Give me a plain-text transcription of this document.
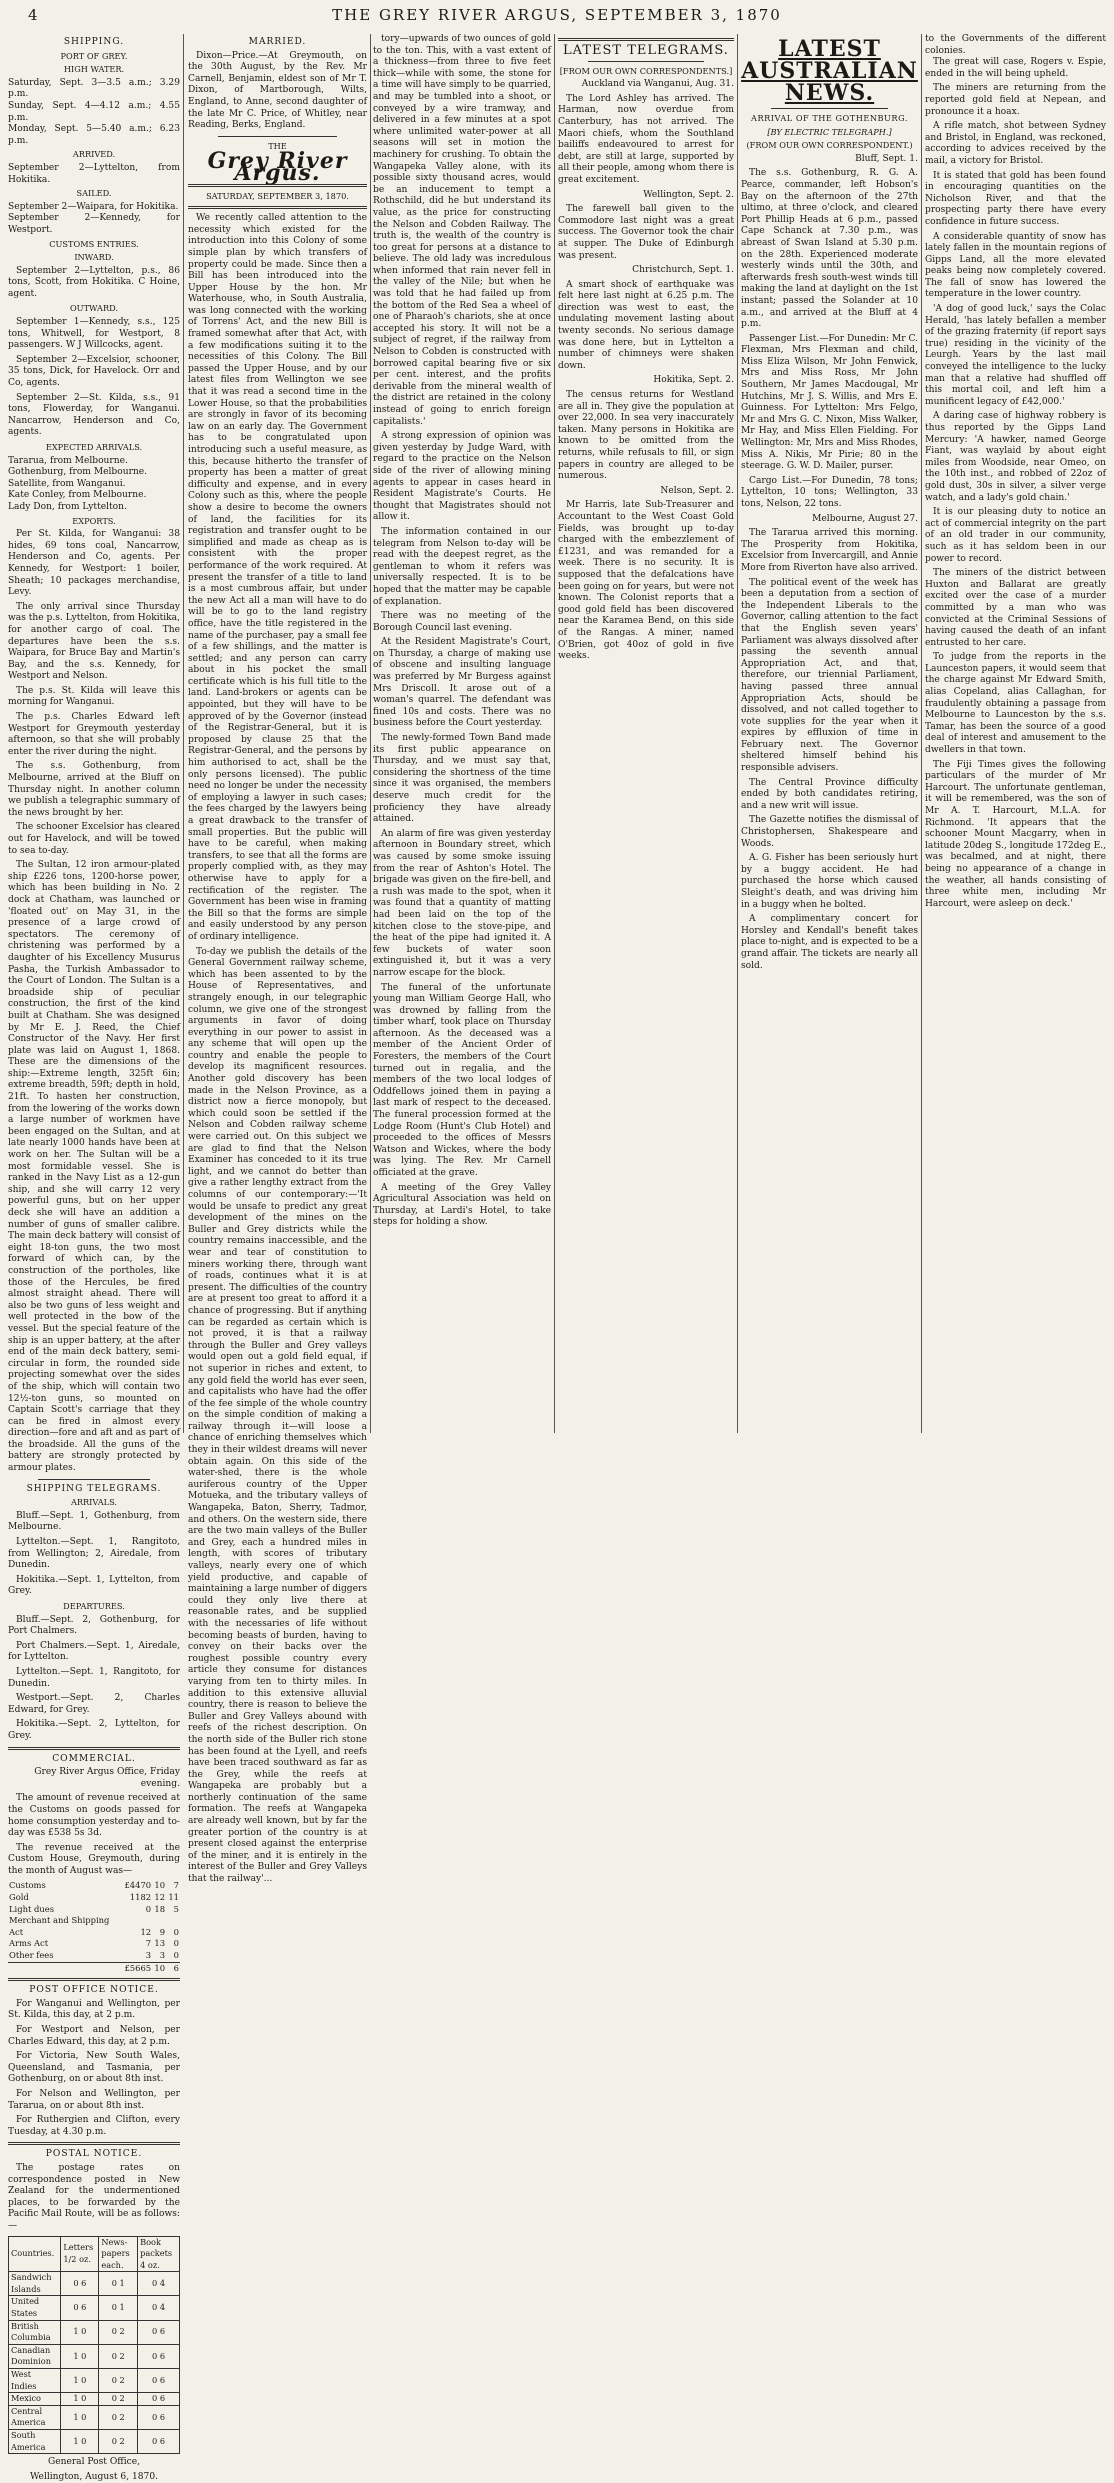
4	THE GREY RIVER ARGUS, SEPTEMBER 3, 1870
SHIPPING.
PORT OF GREY.
HIGH WATER.

Saturday, Sept. 3—3.5 a.m.; 3.29 p.m.

Sunday, Sept. 4—4.12 a.m.; 4.55 p.m.

Monday, Sept. 5—5.40 a.m.; 6.23 p.m.

ARRIVED.

September 2—Lyttelton, from Hokitika.

SAILED.

September 2—Waipara, for Hokitika.

September 2—Kennedy, for Westport.

CUSTOMS ENTRIES.
INWARD.

September 2—Lyttelton, p.s., 86 tons, Scott, from Hokitika. C Hoine, agent.

OUTWARD.

September 1—Kennedy, s.s., 125 tons, Whitwell, for Westport, 8 passengers. W J Willcocks, agent.

September 2—Excelsior, schooner, 35 tons, Dick, for Havelock. Orr and Co, agents.

September 2—St. Kilda, s.s., 91 tons, Flowerday, for Wanganui. Nancarrow, Henderson and Co, agents.

EXPECTED ARRIVALS.

Tararua, from Melbourne.

Gothenburg, from Melbourne.

Satellite, from Wanganui.

Kate Conley, from Melbourne.

Lady Don, from Lyttelton.

EXPORTS.

Per St. Kilda, for Wanganui: 38 hides, 69 tons coal, Nancarrow, Henderson and Co, agents. Per Kennedy, for Westport: 1 boiler, Sheath; 10 packages merchandise, Levy.

The only arrival since Thursday was the p.s. Lyttelton, from Hokitika, for another cargo of coal. The departures have been the s.s. Waipara, for Bruce Bay and Martin's Bay, and the s.s. Kennedy, for Westport and Nelson.

The p.s. St. Kilda will leave this morning for Wanganui.

The p.s. Charles Edward left Westport for Greymouth yesterday afternoon, so that she will probably enter the river during the night.

The s.s. Gothenburg, from Melbourne, arrived at the Bluff on Thursday night. In another column we publish a telegraphic summary of the news brought by her.

The schooner Excelsior has cleared out for Havelock, and will be towed to sea to-day.

The Sultan, 12 iron armour-plated ship £226 tons, 1200-horse power, which has been building in No. 2 dock at Chatham, was launched or 'floated out' on May 31, in the presence of a large crowd of spectators. The ceremony of christening was performed by a daughter of his Excellency Musurus Pasha, the Turkish Ambassador to the Court of London. The Sultan is a broadside ship of peculiar construction, the first of the kind built at Chatham. She was designed by Mr E. J. Reed, the Chief Constructor of the Navy. Her first plate was laid on August 1, 1868. These are the dimensions of the ship:—Extreme length, 325ft 6in; extreme breadth, 59ft; depth in hold, 21ft. To hasten her construction, from the lowering of the works down a large number of workmen have been engaged on the Sultan, and at late nearly 1000 hands have been at work on her. The Sultan will be a most formidable vessel. She is ranked in the Navy List as a 12-gun ship, and she will carry 12 very powerful guns, but on her upper deck she will have an addition a number of guns of smaller calibre. The main deck battery will consist of eight 18-ton guns, the two most forward of which can, by the construction of the portholes, like those of the Hercules, be fired almost straight ahead. There will also be two guns of less weight and well protected in the bow of the vessel. But the special feature of the ship is an upper battery, at the after end of the main deck battery, semi-circular in form, the rounded side projecting somewhat over the sides of the ship, which will contain two 12½-ton guns, so mounted on Captain Scott's carriage that they can be fired in almost every direction—fore and aft and as part of the broadside. All the guns of the battery are strongly protected by armour plates.

SHIPPING TELEGRAMS.
ARRIVALS.

Bluff.—Sept. 1, Gothenburg, from Melbourne.

Lyttelton.—Sept. 1, Rangitoto, from Wellington; 2, Airedale, from Dunedin.

Hokitika.—Sept. 1, Lyttelton, from Grey.

DEPARTURES.

Bluff.—Sept. 2, Gothenburg, for Port Chalmers.

Port Chalmers.—Sept. 1, Airedale, for Lyttelton.

Lyttelton.—Sept. 1, Rangitoto, for Dunedin.

Westport.—Sept. 2, Charles Edward, for Grey.

Hokitika.—Sept. 2, Lyttelton, for Grey.

COMMERCIAL.

Grey River Argus Office, Friday evening.

The amount of revenue received at the Customs on goods passed for home consumption yesterday and to-day was £538 5s 3d.

The revenue received at the Custom House, Greymouth, during the month of August was—

Customs	£4470	10	7
Gold	1182	12	11
Light dues	0	18	5
Merchant and Shipping			
Act	12	9	0
Arms Act	7	13	0
Other fees	3	3	0
	£5665	10	6
POST OFFICE NOTICE.

For Wanganui and Wellington, per St. Kilda, this day, at 2 p.m.

For Westport and Nelson, per Charles Edward, this day, at 2 p.m.

For Victoria, New South Wales, Queensland, and Tasmania, per Gothenburg, on or about 8th inst.

For Nelson and Wellington, per Tararua, on or about 8th inst.

For Ruthergien and Clifton, every Tuesday, at 4.30 p.m.

POSTAL NOTICE.

The postage rates on correspondence posted in New Zealand for the undermentioned places, to be forwarded by the Pacific Mail Route, will be as follows:—

Countries.	Letters 1/2 oz.	News-papers each.	Book packets 4 oz.
Sandwich Islands	0 6	0 1	0 4
United States	0 6	0 1	0 4
British Columbia	1 0	0 2	0 6
Canadian Dominion	1 0	0 2	0 6
West Indies	1 0	0 2	0 6
Mexico	1 0	0 2	0 6
Central America	1 0	0 2	0 6
South America	1 0	0 2	0 6

General Post Office,

Wellington, August 6, 1870.

MARRIED.

Dixon—Price.—At Greymouth, on the 30th August, by the Rev. Mr Carnell, Benjamin, eldest son of Mr T. Dixon, of Martborough, Wilts, England, to Anne, second daughter of the late Mr C. Price, of Whitley, near Reading, Berks, England.

THE
Grey River Argus.
SATURDAY, SEPTEMBER 3, 1870.

We recently called attention to the necessity which existed for the introduction into this Colony of some simple plan by which transfers of property could be made. Since then a Bill has been introduced into the Upper House by the hon. Mr Waterhouse, who, in South Australia, was long connected with the working of Torrens' Act, and the new Bill is framed somewhat after that Act, with a few modifications suiting it to the necessities of this Colony. The Bill passed the Upper House, and by our latest files from Wellington we see that it was read a second time in the Lower House, so that the probabilities are strongly in favor of its becoming law on an early day. The Government has to be congratulated upon introducing such a useful measure, as this, because hitherto the transfer of property has been a matter of great difficulty and expense, and in every Colony such as this, where the people show a desire to become the owners of land, the facilities for its registration and transfer ought to be simplified and made as cheap as is consistent with the proper performance of the work required. At present the transfer of a title to land is a most cumbrous affair, but under the new Act all a man will have to do will be to go to the land registry office, have the title registered in the name of the purchaser, pay a small fee of a few shillings, and the matter is settled; and any person can carry about in his pocket the small certificate which is his full title to the land. Land-brokers or agents can be appointed, but they will have to be approved of by the Governor (instead of the Registrar-General, but it is proposed by clause 25 that the Registrar-General, and the persons by him authorised to act, shall be the only persons licensed). The public need no longer be under the necessity of employing a lawyer in such cases; the fees charged by the lawyers being a great drawback to the transfer of small properties. But the public will have to be careful, when making transfers, to see that all the forms are properly complied with, as they may otherwise have to apply for a rectification of the register. The Government has been wise in framing the Bill so that the forms are simple and easily understood by any person of ordinary intelligence.

To-day we publish the details of the General Government railway scheme, which has been assented to by the House of Representatives, and strangely enough, in our telegraphic column, we give one of the strongest arguments in favor of doing everything in our power to assist in any scheme that will open up the country and enable the people to develop its magnificent resources. Another gold discovery has been made in the Nelson Province, as a district now a fierce monopoly, but which could soon be settled if the Nelson and Cobden railway scheme were carried out. On this subject we are glad to find that the Nelson Examiner has conceded to it its true light, and we cannot do better than give a rather lengthy extract from the columns of our contemporary:—'It would be unsafe to predict any great development of the mines on the Buller and Grey districts while the country remains inaccessible, and the wear and tear of constitution to miners working there, through want of roads, continues what it is at present. The difficulties of the country are at present too great to afford it a chance of progressing. But if anything can be regarded as certain which is not proved, it is that a railway through the Buller and Grey valleys would open out a gold field equal, if not superior in riches and extent, to any gold field the world has ever seen, and capitalists who have had the offer of the fee simple of the whole country on the simple condition of making a railway through it—will loose a chance of enriching themselves which they in their wildest dreams will never obtain again. On this side of the water-shed, there is the whole auriferous country of the Upper Motueka, and the tributary valleys of Wangapeka, Baton, Sherry, Tadmor, and others. On the western side, there are the two main valleys of the Buller and Grey, each a hundred miles in length, with scores of tributary valleys, nearly every one of which yield productive, and capable of maintaining a large number of diggers could they only live there at reasonable rates, and be supplied with the necessaries of life without becoming beasts of burden, having to convey on their backs over the roughest possible country every article they consume for distances varying from ten to thirty miles. In addition to this extensive alluvial country, there is reason to believe the Buller and Grey Valleys abound with reefs of the richest description. On the north side of the Buller rich stone has been found at the Lyell, and reefs have been traced southward as far as the Grey, while the reefs at Wangapeka are probably but a northerly continuation of the same formation. The reefs at Wangapeka are already well known, but by far the greater portion of the country is at present closed against the enterprise of the miner, and it is entirely in the interest of the Buller and Grey Valleys that the railway'...

tory—upwards of two ounces of gold to the ton. This, with a vast extent of a thickness—from three to five feet thick—while with some, the stone for a time will have simply to be quarried, and may be tumbled into a shoot, or conveyed by a wire tramway, and delivered in a few minutes at a spot where unlimited water-power at all seasons will set in motion the machinery for crushing. To obtain the Wangapeka Valley alone, with its possible sixty thousand acres, would be an inducement to tempt a Rothschild, did he but understand its value, as the price for constructing the Nelson and Cobden Railway. The truth is, the wealth of the country is too great for persons at a distance to believe. The old lady was incredulous when informed that rain never fell in the valley of the Nile; but when he was told that he had failed up from the bottom of the Red Sea a wheel of one of Pharaoh's chariots, she at once accepted his story. It will not be a subject of regret, if the railway from Nelson to Cobden is constructed with borrowed capital bearing five or six per cent. interest, and the profits derivable from the mineral wealth of the district are retained in the colony instead of going to enrich foreign capitalists.'

A strong expression of opinion was given yesterday by Judge Ward, with regard to the practice on the Nelson side of the river of allowing mining agents to appear in cases heard in Resident Magistrate's Courts. He thought that Magistrates should not allow it.

The information contained in our telegram from Nelson to-day will be read with the deepest regret, as the gentleman to whom it refers was universally respected. It is to be hoped that the matter may be capable of explanation.

There was no meeting of the Borough Council last evening.

At the Resident Magistrate's Court, on Thursday, a charge of making use of obscene and insulting language was preferred by Mr Burgess against Mrs Driscoll. It arose out of a woman's quarrel. The defendant was fined 10s and costs. There was no business before the Court yesterday.

The newly-formed Town Band made its first public appearance on Thursday, and we must say that, considering the shortness of the time since it was organised, the members deserve much credit for the proficiency they have already attained.

An alarm of fire was given yesterday afternoon in Boundary street, which was caused by some smoke issuing from the rear of Ashton's Hotel. The brigade was given on the fire-bell, and a rush was made to the spot, when it was found that a quantity of matting had been laid on the top of the kitchen close to the stove-pipe, and the heat of the pipe had ignited it. A few buckets of water soon extinguished it, but it was a very narrow escape for the block.

The funeral of the unfortunate young man William George Hall, who was drowned by falling from the timber wharf, took place on Thursday afternoon. As the deceased was a member of the Ancient Order of Foresters, the members of the Court turned out in regalia, and the members of the two local lodges of Oddfellows joined them in paying a last mark of respect to the deceased. The funeral procession formed at the Lodge Room (Hunt's Club Hotel) and proceeded to the offices of Messrs Watson and Wickes, where the body was lying. The Rev. Mr Carnell officiated at the grave.

A meeting of the Grey Valley Agricultural Association was held on Thursday, at Lardi's Hotel, to take steps for holding a show.

LATEST TELEGRAMS.
[FROM OUR OWN CORRESPONDENTS.]

Auckland via Wanganui, Aug. 31.

The Lord Ashley has arrived. The Harman, now overdue from Canterbury, has not arrived. The Maori chiefs, whom the Southland bailiffs endeavoured to arrest for debt, are still at large, supported by all their people, among whom there is great excitement.

Wellington, Sept. 2.

The farewell ball given to the Commodore last night was a great success. The Governor took the chair at supper. The Duke of Edinburgh was present.

Christchurch, Sept. 1.

A smart shock of earthquake was felt here last night at 6.25 p.m. The direction was west to east, the undulating movement lasting about twenty seconds. No serious damage was done here, but in Lyttelton a number of chimneys were shaken down.

Hokitika, Sept. 2.

The census returns for Westland are all in. They give the population at over 22,000. In sea very inaccurately taken. Many persons in Hokitika are known to be omitted from the returns, while refusals to fill, or sign papers in country are alleged to be numerous.

Nelson, Sept. 2.

Mr Harris, late Sub-Treasurer and Accountant to the West Coast Gold Fields, was brought up to-day charged with the embezzlement of £1231, and was remanded for a week. There is no security. It is supposed that the defalcations have been going on for years, but were not known. The Colonist reports that a good gold field has been discovered near the Karamea Bend, on this side of the Rangas. A miner, named O'Brien, got 40oz of gold in five weeks.

LATEST AUSTRALIAN NEWS.
ARRIVAL OF THE GOTHENBURG.
[BY ELECTRIC TELEGRAPH.]
(FROM OUR OWN CORRESPONDENT.)

Bluff, Sept. 1.

The s.s. Gothenburg, R. G. A. Pearce, commander, left Hobson's Bay on the afternoon of the 27th ultimo, at three o'clock, and cleared Port Phillip Heads at 6 p.m., passed Cape Schanck at 7.30 p.m., was abreast of Swan Island at 5.30 p.m. on the 28th. Experienced moderate westerly winds until the 30th, and afterwards fresh south-west winds till making the land at daylight on the 1st instant; passed the Solander at 10 a.m., and arrived at the Bluff at 4 p.m.

Passenger List.—For Dunedin: Mr C. Flexman, Mrs Flexman and child, Miss Eliza Wilson, Mr John Fenwick, Mrs and Miss Ross, Mr John Southern, Mr James Macdougal, Mr Hutchins, Mr J. S. Willis, and Mrs E. Guinness. For Lyttelton: Mrs Felgo, Mr and Mrs G. C. Nixon, Miss Walker, Mr Hay, and Miss Ellen Fielding. For Wellington: Mr, Mrs and Miss Rhodes, Miss A. Nikis, Mr Pirie; 80 in the steerage. G. W. D. Mailer, purser.

Cargo List.—For Dunedin, 78 tons; Lyttelton, 10 tons; Wellington, 33 tons, Nelson, 22 tons.

Melbourne, August 27.

The Tararua arrived this morning. The Prosperity from Hokitika, Excelsior from Invercargill, and Annie More from Riverton have also arrived.

The political event of the week has been a deputation from a section of the Independent Liberals to the Governor, calling attention to the fact that the English seven years' Parliament was always dissolved after passing the seventh annual Appropriation Act, and that, therefore, our triennial Parliament, having passed three annual Appropriation Acts, should be dissolved, and not called together to vote supplies for the year when it expires by effluxion of time in February next. The Governor sheltered himself behind his responsible advisers.

The Central Province difficulty ended by both candidates retiring, and a new writ will issue.

The Gazette notifies the dismissal of Christophersen, Shakespeare and Woods.

A. G. Fisher has been seriously hurt by a buggy accident. He had purchased the horse which caused Sleight's death, and was driving him in a buggy when he bolted.

A complimentary concert for Horsley and Kendall's benefit takes place to-night, and is expected to be a grand affair. The tickets are nearly all sold.

to the Governments of the different colonies.

The great will case, Rogers v. Espie, ended in the will being upheld.

The miners are returning from the reported gold field at Nepean, and pronounce it a hoax.

A rifle match, shot between Sydney and Bristol, in England, was reckoned, according to advices received by the mail, a victory for Bristol.

It is stated that gold has been found in encouraging quantities on the Nicholson River, and that the prospecting party there have every confidence in future success.

A considerable quantity of snow has lately fallen in the mountain regions of Gipps Land, all the more elevated peaks being now completely covered. The fall of snow has lowered the temperature in the lower country.

'A dog of good luck,' says the Colac Herald, 'has lately befallen a member of the grazing fraternity (if report says true) residing in the vicinity of the Leurgh. Years by the last mail conveyed the intelligence to the lucky man that a relative had shuffled off this mortal coil, and left him a munificent legacy of £42,000.'

A daring case of highway robbery is thus reported by the Gipps Land Mercury: 'A hawker, named George Fiant, was waylaid by about eight miles from Woodside, near Omeo, on the 10th inst., and robbed of 22oz of gold dust, 30s in silver, a silver verge watch, and a lady's gold chain.'

It is our pleasing duty to notice an act of commercial integrity on the part of an old trader in our community, such as it has seldom been in our power to record.

The miners of the district between Huxton and Ballarat are greatly excited over the case of a murder committed by a man who was convicted at the Criminal Sessions of having caused the death of an infant entrusted to her care.

To judge from the reports in the Launceston papers, it would seem that the charge against Mr Edward Smith, alias Copeland, alias Callaghan, for fraudulently obtaining a passage from Melbourne to Launceston by the s.s. Tamar, has been the source of a good deal of interest and amusement to the dwellers in that town.

The Fiji Times gives the following particulars of the murder of Mr Harcourt. The unfortunate gentleman, it will be remembered, was the son of Mr A. T. Harcourt, M.L.A. for Richmond. 'It appears that the schooner Mount Macgarry, when in latitude 20deg S., longitude 172deg E., was becalmed, and at night, there being no appearance of a change in the weather, all hands consisting of three white men, including Mr Harcourt, were asleep on deck.'
